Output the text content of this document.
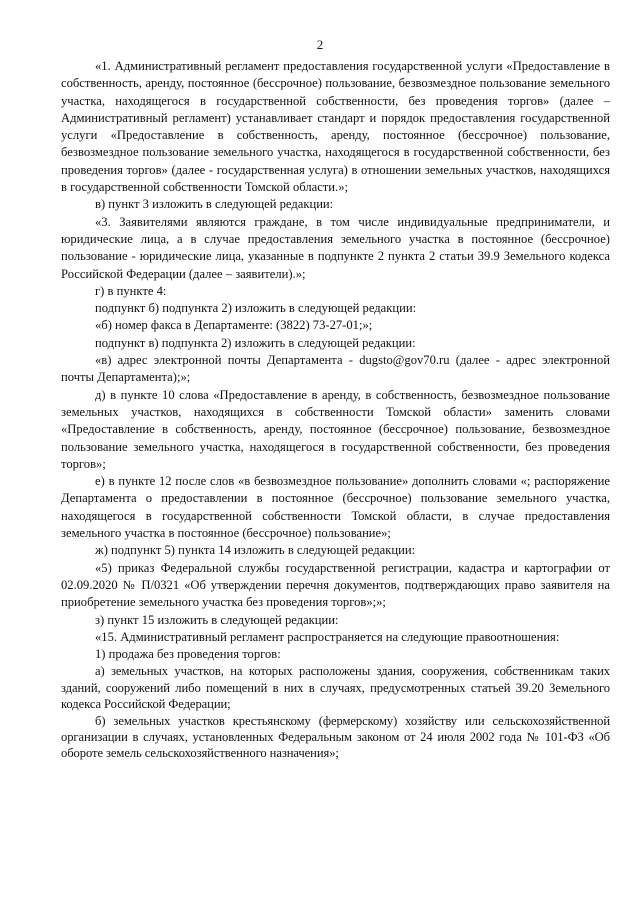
2

«1. Административный регламент предоставления государственной услуги «Предоставление в собственность, аренду, постоянное (бессрочное) пользование, безвозмездное пользование земельного участка, находящегося в государственной собственности, без проведения торгов» (далее – Административный регламент) устанавливает стандарт и порядок предоставления государственной услуги «Предоставление в собственность, аренду, постоянное (бессрочное) пользование, безвозмездное пользование земельного участка, находящегося в государственной собственности, без проведения торгов» (далее - государственная услуга) в отношении земельных участков, находящихся в государственной собственности Томской области.»;

в) пункт 3 изложить в следующей редакции:

«3. Заявителями являются граждане, в том числе индивидуальные предприниматели, и юридические лица, а в случае предоставления земельного участка в постоянное (бессрочное) пользование - юридические лица, указанные в подпункте 2 пункта 2 статьи 39.9 Земельного кодекса Российской Федерации (далее – заявители).»;

г) в пункте 4:

подпункт б) подпункта 2) изложить в следующей редакции:

«б) номер факса в Департаменте: (3822) 73-27-01;»;

подпункт в) подпункта 2) изложить в следующей редакции:

«в) адрес электронной почты Департамента - dugsto@gov70.ru (далее - адрес электронной почты Департамента);»;

д) в пункте 10 слова «Предоставление в аренду, в собственность, безвозмездное пользование земельных участков, находящихся в собственности Томской области» заменить словами «Предоставление в собственность, аренду, постоянное (бессрочное) пользование, безвозмездное пользование земельного участка, находящегося в государственной собственности, без проведения торгов»;

е) в пункте 12 после слов «в безвозмездное пользование» дополнить словами «; распоряжение Департамента о предоставлении в постоянное (бессрочное) пользование земельного участка, находящегося в государственной собственности Томской области, в случае предоставления земельного участка в постоянное (бессрочное) пользование»;

ж) подпункт 5) пункта 14 изложить в следующей редакции:

«5) приказ Федеральной службы государственной регистрации, кадастра и картографии от 02.09.2020 № П/0321 «Об утверждении перечня документов, подтверждающих право заявителя на приобретение земельного участка без проведения торгов»;»;

з) пункт 15 изложить в следующей редакции:

«15. Административный регламент распространяется на следующие правоотношения:

1) продажа без проведения торгов:

а) земельных участков, на которых расположены здания, сооружения, собственникам таких зданий, сооружений либо помещений в них в случаях, предусмотренных статьей 39.20 Земельного кодекса Российской Федерации;

б) земельных участков крестьянскому (фермерскому) хозяйству или сельскохозяйственной организации в случаях, установленных Федеральным законом от 24 июля 2002 года № 101-ФЗ «Об обороте земель сельскохозяйственного назначения»;
